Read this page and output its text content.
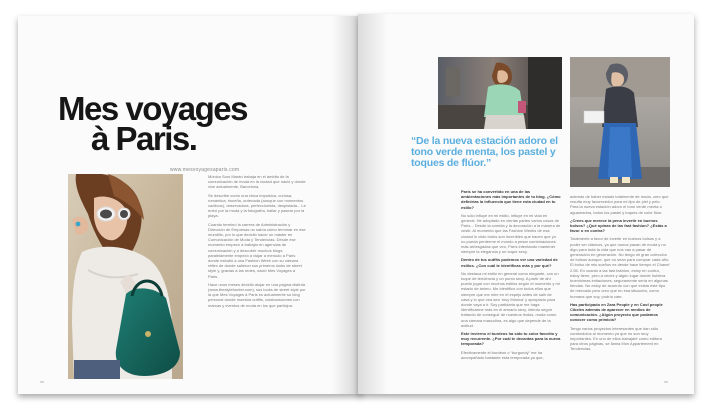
Mes voyages
à Paris.
www.mesvoyagesaparis.com

Mónica Sors Marán trabaja en el ámbito de la comunicación de moda en la ciudad que nació y donde vive actualmente, Barcelona.

Se describe como una chica impulsiva, curiosa, romántica, risueña, ordenada (aunque con momentos caóticos), observadora, perfeccionista, despistada... Le entró por la moda y la fotografía, bailar y pasear por la playa.

Cuando terminó la carrera de Administración y Dirección de Empresas no sabía cómo terminar en ese mundillo, por lo que decidió hacer un máster en Comunicación de Moda y Tendencias. Desde ese momento empezó a trabajar en agencias de comunicación y a descubrir muchos blogs, paralelamente empezó a viajar a menudo a París donde estudió a una Fashion Week con su cámara réflex de donde salieron sus primeros looks de street style y, gracias a las redes, nació Mes Voyages à Paris.

Hace unos meses decidió alojar en una página distinta (www.thestylehunter.com), sus looks de street style por la que Mes Voyages à Paris es actualmente su blog personal donde muestra outfits, colaboraciones con marcas y eventos de moda en los que participa.

xx
“De la nueva estación adoro el tono verde menta, los pastel y toques de flúor.”

París se ha convertido en una de las ambientaciones más importantes de tu blog. ¿Cómo definirías la influencia que tiene esta ciudad en tu estilo?

No sólo influye en mi estilo, influye en mi vida en general. He adoptado en ciertas partes varios cosas de París... Desde la comida y la decoración a la manera de vestir. Al momento que las Fashion Weeks de esa ciudad lo visto todos son increíbles que hacen que yo no pueda perderme el mundo a pesar combinaciones más arriesgadas que veo, París intentando mantener siempre la elegancia y un toque sexy.

Dentro de tus outfits podemos ver una variedad de estilos. ¿Con cuál te identificas más y por qué?

No destaca mi estilo en general como elegante, con un toque de tendencia y un punto sexy. A partir de ahí puedo jugar con muchos estilos según el momento y mi estado de ánimo. Me identifico con todos ellos que siempre que me mire en el espejo antes de salir de casa y lo que vea sea ‘muy Mónica’ y apropiado para donde vaya a ir. Soy partidaria que me haga identificarme más en el armario sexy, intento seguir tratando de conseguir de nuestros lindos, moda como una cámara masculina, es algo que depende de la actitud.

Este invierno el burdeos ha sido tu color favorito y muy recurrente. ¿Por cuál te decantas para la nueva temporada?

Efectivamente el burdeos o “burgundy” me ha acompañado bastante esta temporada ya que,

además de haber estado totalmente de moda, creo que resulta muy favorecedor para mi tipo de piel y pelo. Para la nueva estación adoro el tono verde menta o aguamarina, todos los pastel y toques de color flúor.

¿Crees que merece la pena invertir en buenos bolsos? ¿Qué opinas de las fast fashion? ¿Estás a favor o en contra?

Totalmente a favor de invertir en buenos bolsos y a poder ser clásicos, ya que nunca pasan de moda y no digo para toda la vida que nos van a pasar de generación en generación. No tengo mi gran colección de bolsos aunque, que no sean para comprar cada año. El bolso de mis sueños es desde hace tiempo el Chanel 2.55. En cuanto a las fast fashion, estoy en contra, estoy tiene, pero a veces y algún lugar donde hubiera buenísimas imitaciones, seguramente sería en algunas tiendas. No estoy de acuerdo con que exista este tipo de mercado pero creo que en esa situación, como humana que soy, podría caer.

Has participado en Zara People y en Cool people Cibeles además de aparecer en medios de comunicación. ¿Algún proyecto que podamos conocer como primicia?

Tengo varios proyectos interesantes que han sido contándolos al momento ya que no son muy importantes. En uno de ellos trabajaré como editora para otros páginas, se llama Mon Appartement en Tendencias.

xx
